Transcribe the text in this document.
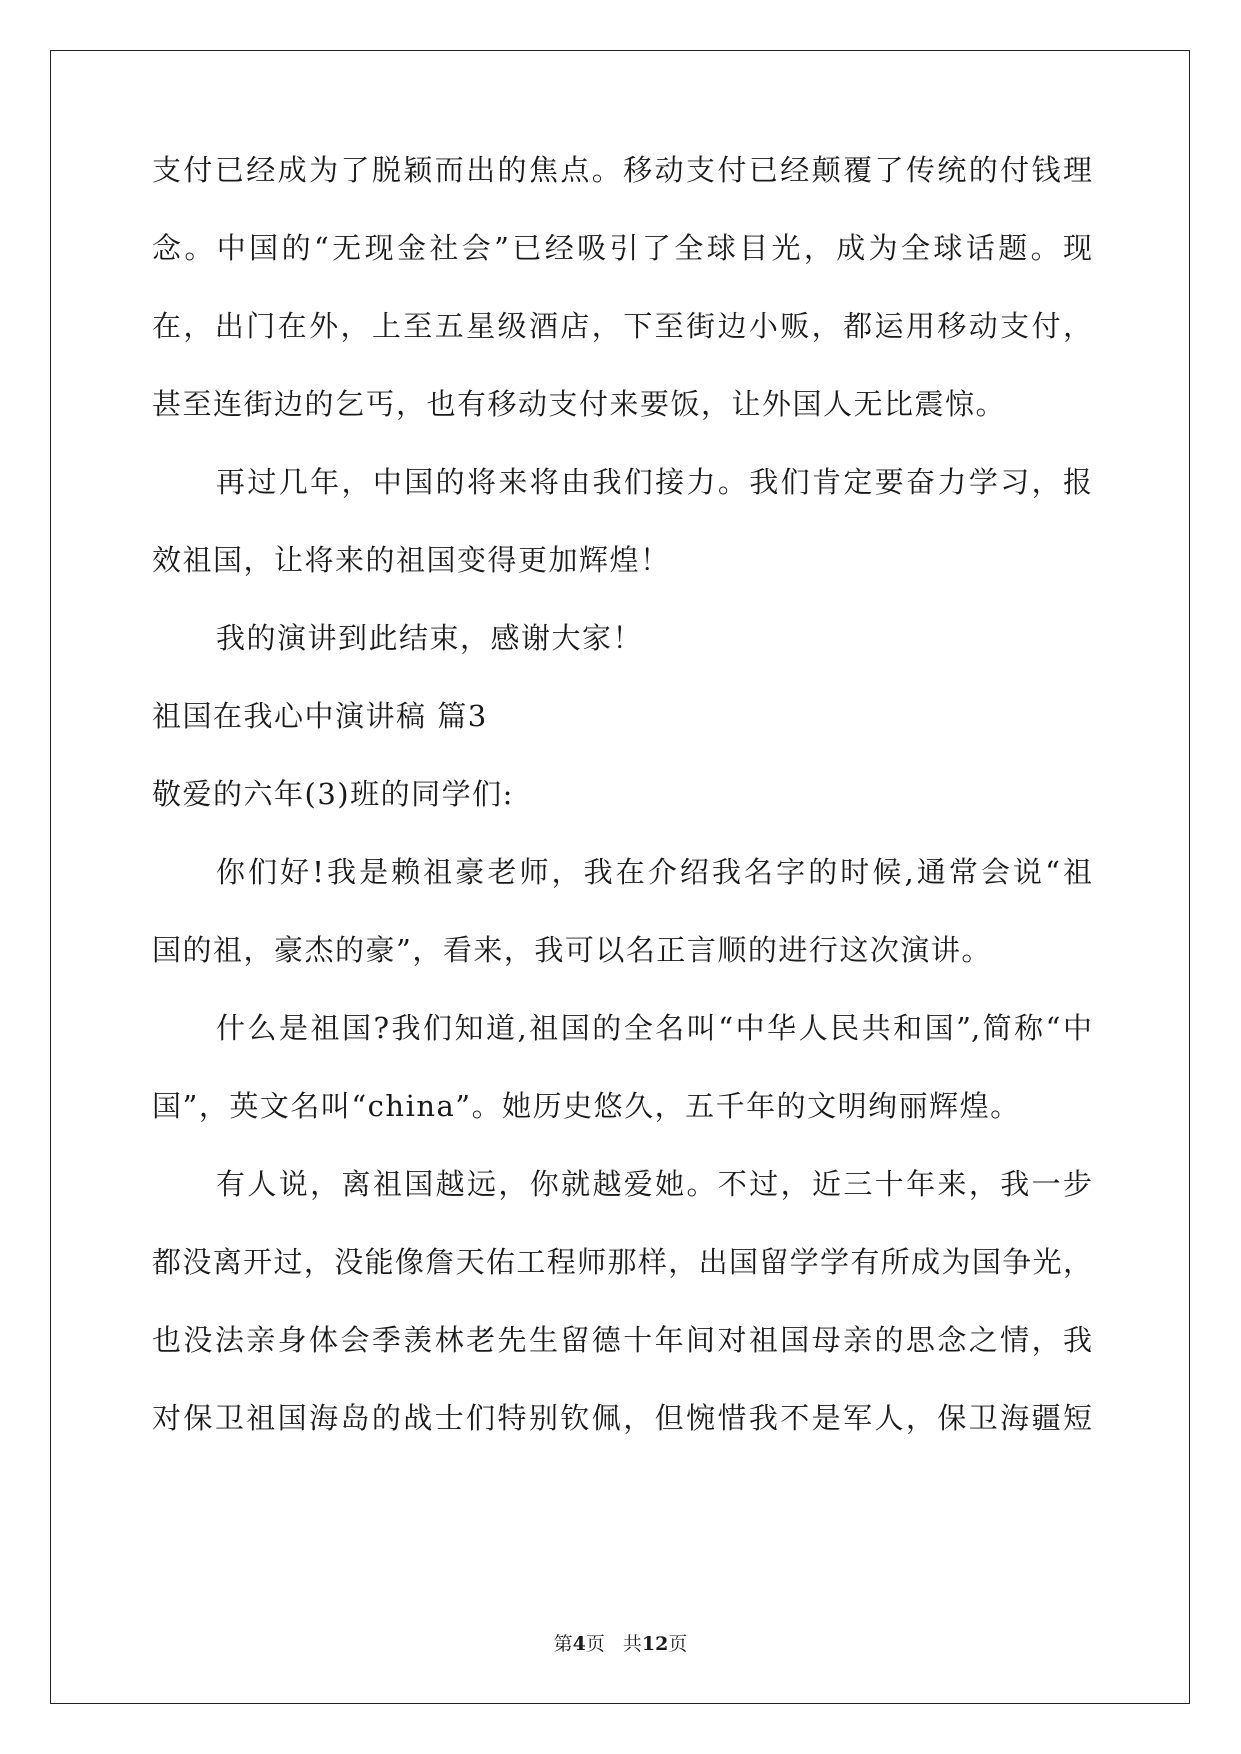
支付已经成为了脱颖而出的焦点。移动支付已经颠覆了传统的付钱理
念。中国的“无现金社会”已经吸引了全球目光，成为全球话题。现
在，出门在外，上至五星级酒店，下至街边小贩，都运用移动支付，
甚至连街边的乞丐，也有移动支付来要饭，让外国人无比震惊。
再过几年，中国的将来将由我们接力。我们肯定要奋力学习，报
效祖国，让将来的祖国变得更加辉煌！
我的演讲到此结束，感谢大家！
祖国在我心中演讲稿 篇3
敬爱的六年(3)班的同学们:
你们好!我是赖祖豪老师，我在介绍我名字的时候,通常会说“祖
国的祖，豪杰的豪”，看来，我可以名正言顺的进行这次演讲。
什么是祖国?我们知道,祖国的全名叫“中华人民共和国”,简称“中
国”，英文名叫“china”。她历史悠久，五千年的文明绚丽辉煌。
有人说，离祖国越远，你就越爱她。不过，近三十年来，我一步
都没离开过，没能像詹天佑工程师那样，出国留学学有所成为国争光，
也没法亲身体会季羡林老先生留德十年间对祖国母亲的思念之情，我
对保卫祖国海岛的战士们特别钦佩，但惋惜我不是军人，保卫海疆短
第4页 共12页
